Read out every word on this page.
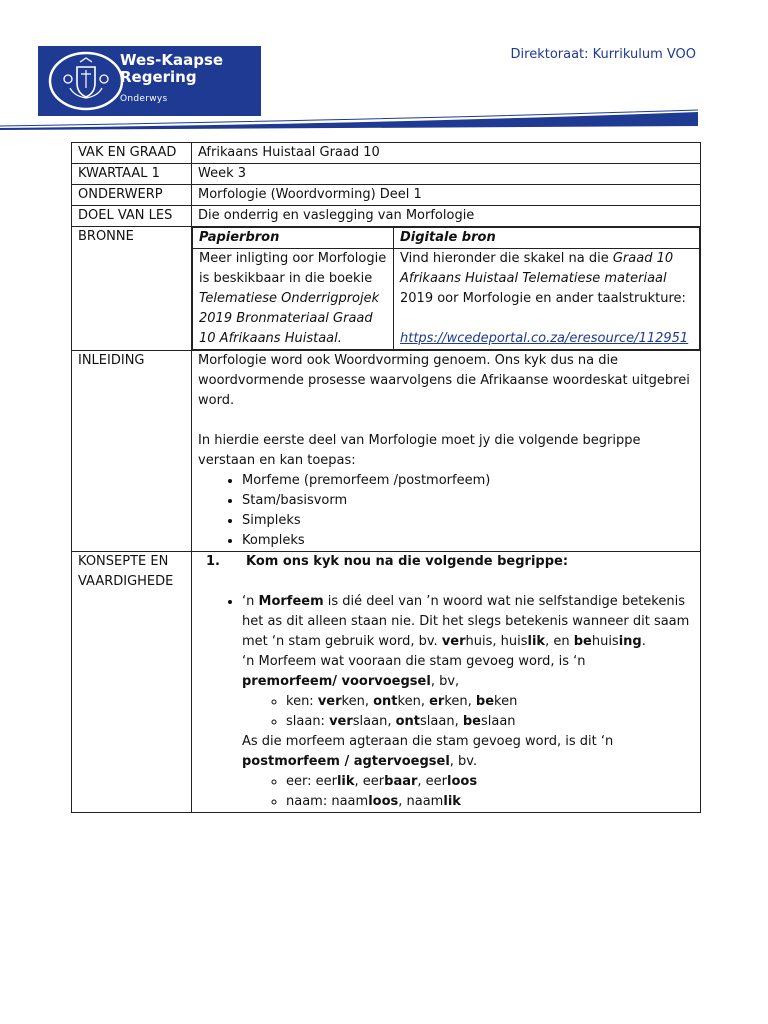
Wes-Kaapse
Regering
Onderwys
Direktoraat: Kurrikulum VOO
VAK EN GRAAD	Afrikaans Huistaal Graad 10
KWARTAAL 1	Week 3
ONDERWERP	Morfologie (Woordvorming) Deel 1
DOEL VAN LES	Die onderrig en vaslegging van Morfologie
BRONNE		Papierbron	Digitale bron
Meer inligting oor Morfologie is beskikbaar in die boekie Telematiese Onderrigprojek 2019 Bronmateriaal Graad 10 Afrikaans Huistaal.	Vind hieronder die skakel na die Graad 10 Afrikaans Huistaal Telematiese materiaal 2019 oor Morfologie en ander taalstrukture:

https://wcedeportal.co.za/eresource/112951

INLEIDING	Morfologie word ook Woordvorming genoem. Ons kyk dus na die woordvormende prosesse waarvolgens die Afrikaanse woordeskat uitgebrei word.

In hierdie eerste deel van Morfologie moet jy die volgende begrippe verstaan en kan toepas:

• Morfeme (premorfeem /postmorfeem)
• Stam/basisvorm
• Simpleks
• Kompleks

KONSEPTE EN VAARDIGHEDE	
1.	Kom ons kyk nou na die volgende begrippe:
• ‘n Morfeem is dié deel van ’n woord wat nie selfstandige betekenis het as dit alleen staan nie. Dit het slegs betekenis wanneer dit saam met ‘n stam gebruik word, bv. verhuis, huislik, en behuising.
‘n Morfeem wat vooraan die stam gevoeg word, is ‘n
premorfeem/ voorvoegsel, bv,
◦ ken: verken, ontken, erken, beken
◦ slaan: verslaan, ontslaan, beslaan
As die morfeem agteraan die stam gevoeg word, is dit ‘n
postmorfeem / agtervoegsel, bv.
◦ eer: eerlik, eerbaar, eerloos
◦ naam: naamloos, naamlik
